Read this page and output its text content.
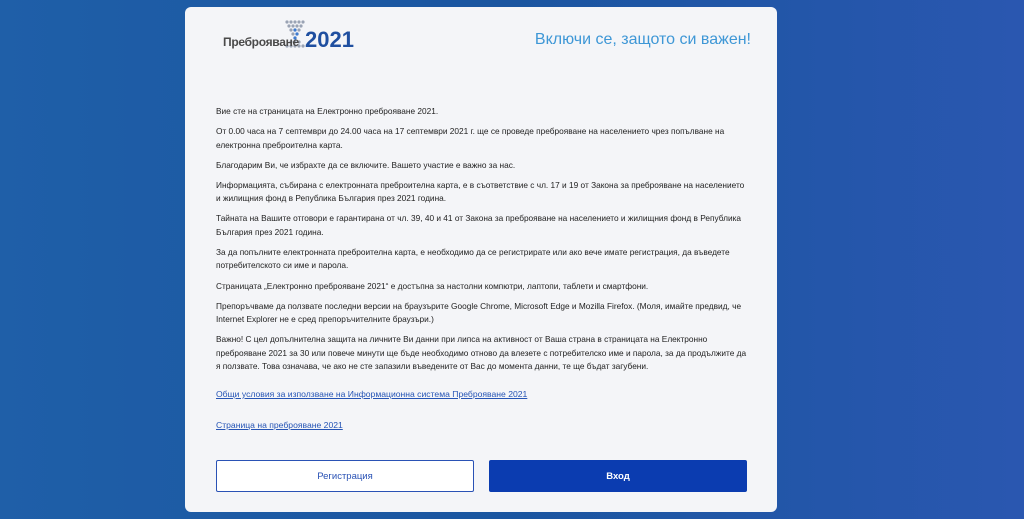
Преброяване 2021	Включи се, защото си важен!

Вие сте на страницата на Електронно преброяване 2021.

От 0.00 часа на 7 септември до 24.00 часа на 17 септември 2021 г. ще се проведе преброяване на населението чрез попълване на електронна преброителна карта.

Благодарим Ви, че избрахте да се включите. Вашето участие е важно за нас.

Информацията, събирана с електронната преброителна карта, е в съответствие с чл. 17 и 19 от Закона за преброяване на населението и жилищния фонд в Република България през 2021 година.

Тайната на Вашите отговори е гарантирана от чл. 39, 40 и 41 от Закона за преброяване на населението и жилищния фонд в Република България през 2021 година.

За да попълните електронната преброителна карта, е необходимо да се регистрирате или ако вече имате регистрация, да въведете потребителското си име и парола.

Страницата „Електронно преброяване 2021“ е достъпна за настолни компютри, лаптопи, таблети и смартфони.

Препоръчваме да ползвате последни версии на браузърите Google Chrome, Microsoft Edge и Mozilla Firefox. (Моля, имайте предвид, че Internet Explorer не е сред препоръчителните браузъри.)

Важно! С цел допълнителна защита на личните Ви данни при липса на активност от Ваша страна в страницата на Електронно преброяване 2021 за 30 или повече минути ще бъде необходимо отново да влезете с потребителско име и парола, за да продължите да я ползвате. Това означава, че ако не сте запазили въведените от Вас до момента данни, те ще бъдат загубени.

Общи условия за използване на Информационна система Преброяване 2021
Страница на преброяване 2021
Регистрация	Вход
